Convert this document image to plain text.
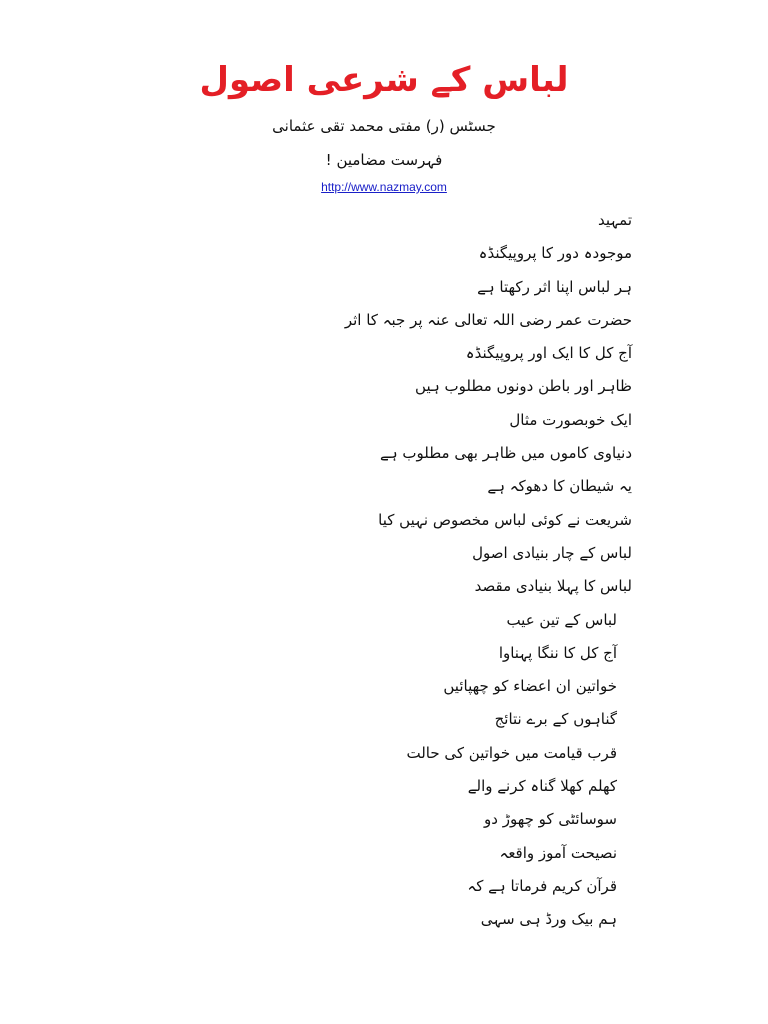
لباس کے شرعی اصول
جسٹس (ر) مفتی محمد تقی عثمانی
فہرست مضامین !
http://www.nazmay.com
تمہید
موجودہ دور کا پروپیگنڈہ
ہر لباس اپنا اثر رکھتا ہے
حضرت عمر رضی اللہ تعالی عنہ پر جبہ کا اثر
آج کل کا ایک اور پروپیگنڈہ
ظاہر اور باطن دونوں مطلوب ہیں
ایک خوبصورت مثال
دنیاوی کاموں میں ظاہر بھی مطلوب ہے
یہ شیطان کا دھوکہ ہے
شریعت نے کوئی لباس مخصوص نہیں کیا
لباس کے چار بنیادی اصول
لباس کا پہلا بنیادی مقصد
لباس کے تین عیب
آج کل کا ننگا پہناوا
خواتین ان اعضاء کو چھپائیں
گناہوں کے برے نتائج
قرب قیامت میں خواتین کی حالت
کھلم کھلا گناہ کرنے والے
سوسائٹی کو چھوڑ دو
نصیحت آموز واقعہ
قرآن کریم فرماتا ہے کہ
ہم بیک ورڈ ہی سہی
